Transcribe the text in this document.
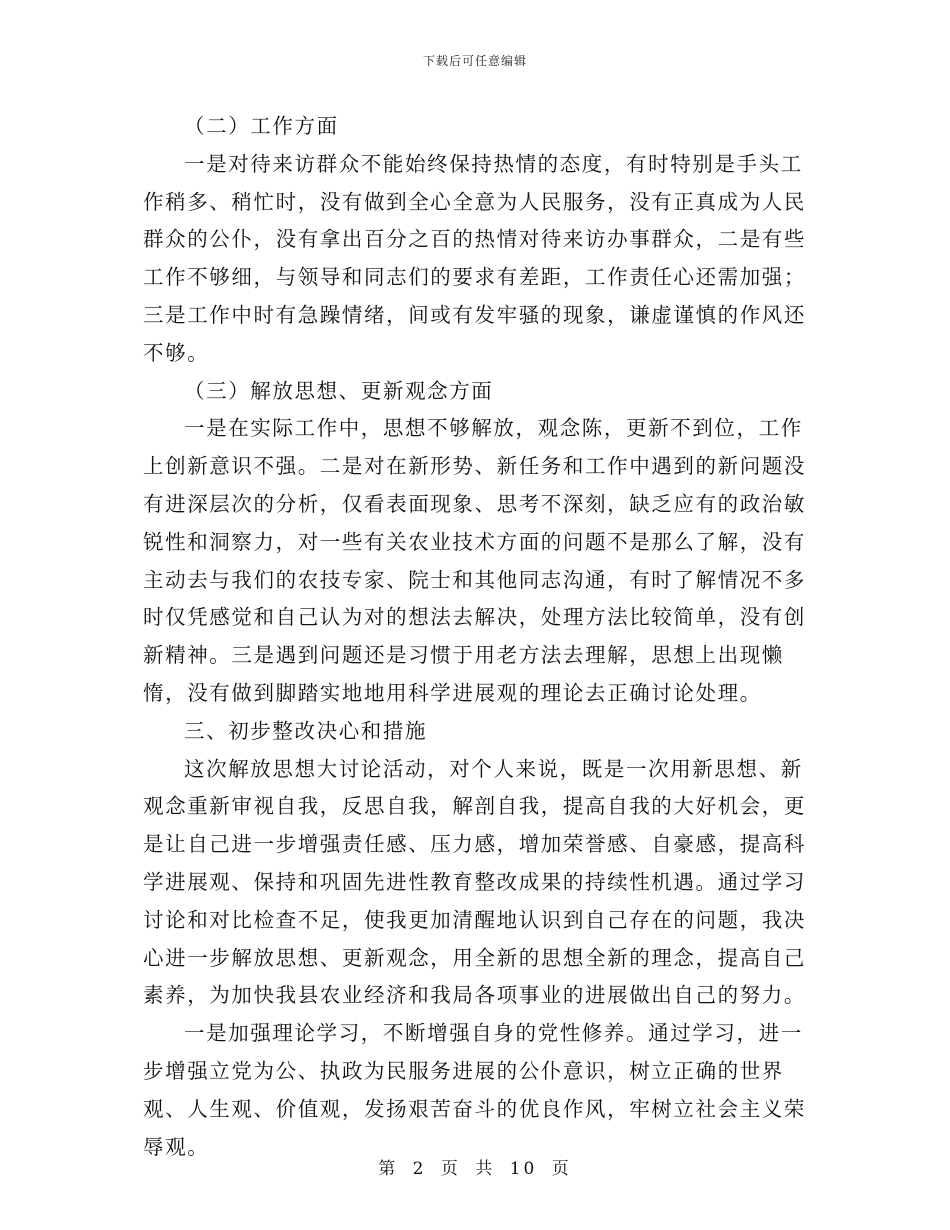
下载后可任意编辑

（二）工作方面

一是对待来访群众不能始终保持热情的态度，有时特别是手头工作稍多、稍忙时，没有做到全心全意为人民服务，没有正真成为人民群众的公仆，没有拿出百分之百的热情对待来访办事群众，二是有些工作不够细，与领导和同志们的要求有差距，工作责任心还需加强；三是工作中时有急躁情绪，间或有发牢骚的现象，谦虚谨慎的作风还不够。

（三）解放思想、更新观念方面

一是在实际工作中，思想不够解放，观念陈，更新不到位，工作上创新意识不强。二是对在新形势、新任务和工作中遇到的新问题没有进深层次的分析，仅看表面现象、思考不深刻，缺乏应有的政治敏锐性和洞察力，对一些有关农业技术方面的问题不是那么了解，没有主动去与我们的农技专家、院士和其他同志沟通，有时了解情况不多时仅凭感觉和自己认为对的想法去解决，处理方法比较简单，没有创新精神。三是遇到问题还是习惯于用老方法去理解，思想上出现懒惰，没有做到脚踏实地地用科学进展观的理论去正确讨论处理。

三、初步整改决心和措施

这次解放思想大讨论活动，对个人来说，既是一次用新思想、新观念重新审视自我，反思自我，解剖自我，提高自我的大好机会，更是让自己进一步增强责任感、压力感，增加荣誉感、自豪感，提高科学进展观、保持和巩固先进性教育整改成果的持续性机遇。通过学习讨论和对比检查不足，使我更加清醒地认识到自己存在的问题，我决心进一步解放思想、更新观念，用全新的思想全新的理念，提高自己素养，为加快我县农业经济和我局各项事业的进展做出自己的努力。

一是加强理论学习，不断增强自身的党性修养。通过学习，进一步增强立党为公、执政为民服务进展的公仆意识，树立正确的世界观、人生观、价值观，发扬艰苦奋斗的优良作风，牢树立社会主义荣辱观。

第 2 页 共 10 页
